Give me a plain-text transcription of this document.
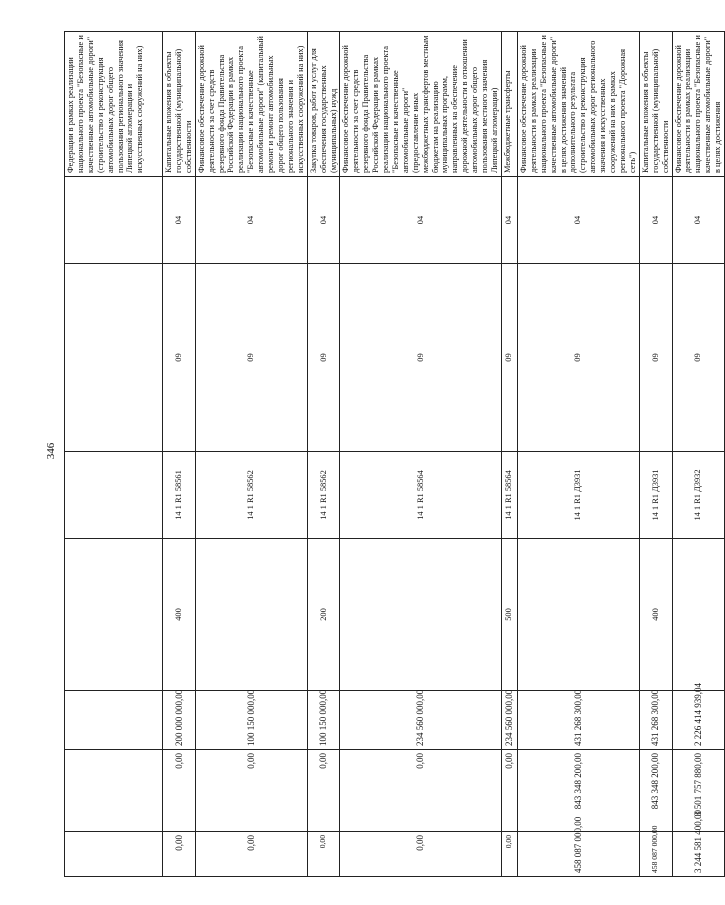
346
							Федерации в рамках реализации национального проекта "Безопасные и качественные автомобильные дороги" (строительство и реконструкция автомобильных дорог общего пользования регионального значения Липецкой агломерации и искусственных сооружений на них)
0,00	0,00	200 000 000,00	400	14 1 R1 58561	09	04	Капитальные вложения в объекты государственной (муниципальной) собственности
0,00	0,00	100 150 000,00		14 1 R1 58562	09	04	Финансовое обеспечение дорожной деятельности за счет средств резервного фонда Правительства Российской Федерации в рамках реализации национального проекта "Безопасные и качественные автомобильные дороги" (капитальный ремонт и ремонт автомобильных дорог общего пользования регионального значения и искусственных сооружений на них)
0,00	0,00	100 150 000,00	200	14 1 R1 58562	09	04	Закупка товаров, работ и услуг для обеспечения государственных (муниципальных) нужд
0,00	0,00	234 560 000,00		14 1 R1 58564	09	04	Финансовое обеспечение дорожной деятельности за счет средств резервного фонда Правительства Российской Федерации в рамках реализации национального проекта "Безопасные и качественные автомобильные дороги" (предоставление иных межбюджетных трансфертов местным бюджетам на реализацию муниципальных программ, направленных на обеспечение дорожной деятельности в отношении автомобильных дорог общего пользования местного значения Липецкой агломерации)
0,00	0,00	234 560 000,00	500	14 1 R1 58564	09	04	Межбюджетные трансферты
458 087 000,00	843 348 200,00	431 268 300,00		14 1 R1 Д3931	09	04	Финансовое обеспечение дорожной деятельности в рамках реализации национального проекта "Безопасные и качественные автомобильные дороги" в целях достижения значений дополнительного результата (строительство и реконструкция автомобильных дорог регионального значения и искусственных сооружений на них в рамках регионального проекта "Дорожная сеть")
458 087 000,00	843 348 200,00	431 268 300,00	400	14 1 R1 Д3931	09	04	Капитальные вложения в объекты государственной (муниципальной) собственности
3 244 581 400,00	3 501 757 880,00	2 226 414 939,04		14 1 R1 Д3932	09	04	Финансовое обеспечение дорожной деятельности в рамках реализации национального проекта "Безопасные и качественные автомобильные дороги" в целях достижения
